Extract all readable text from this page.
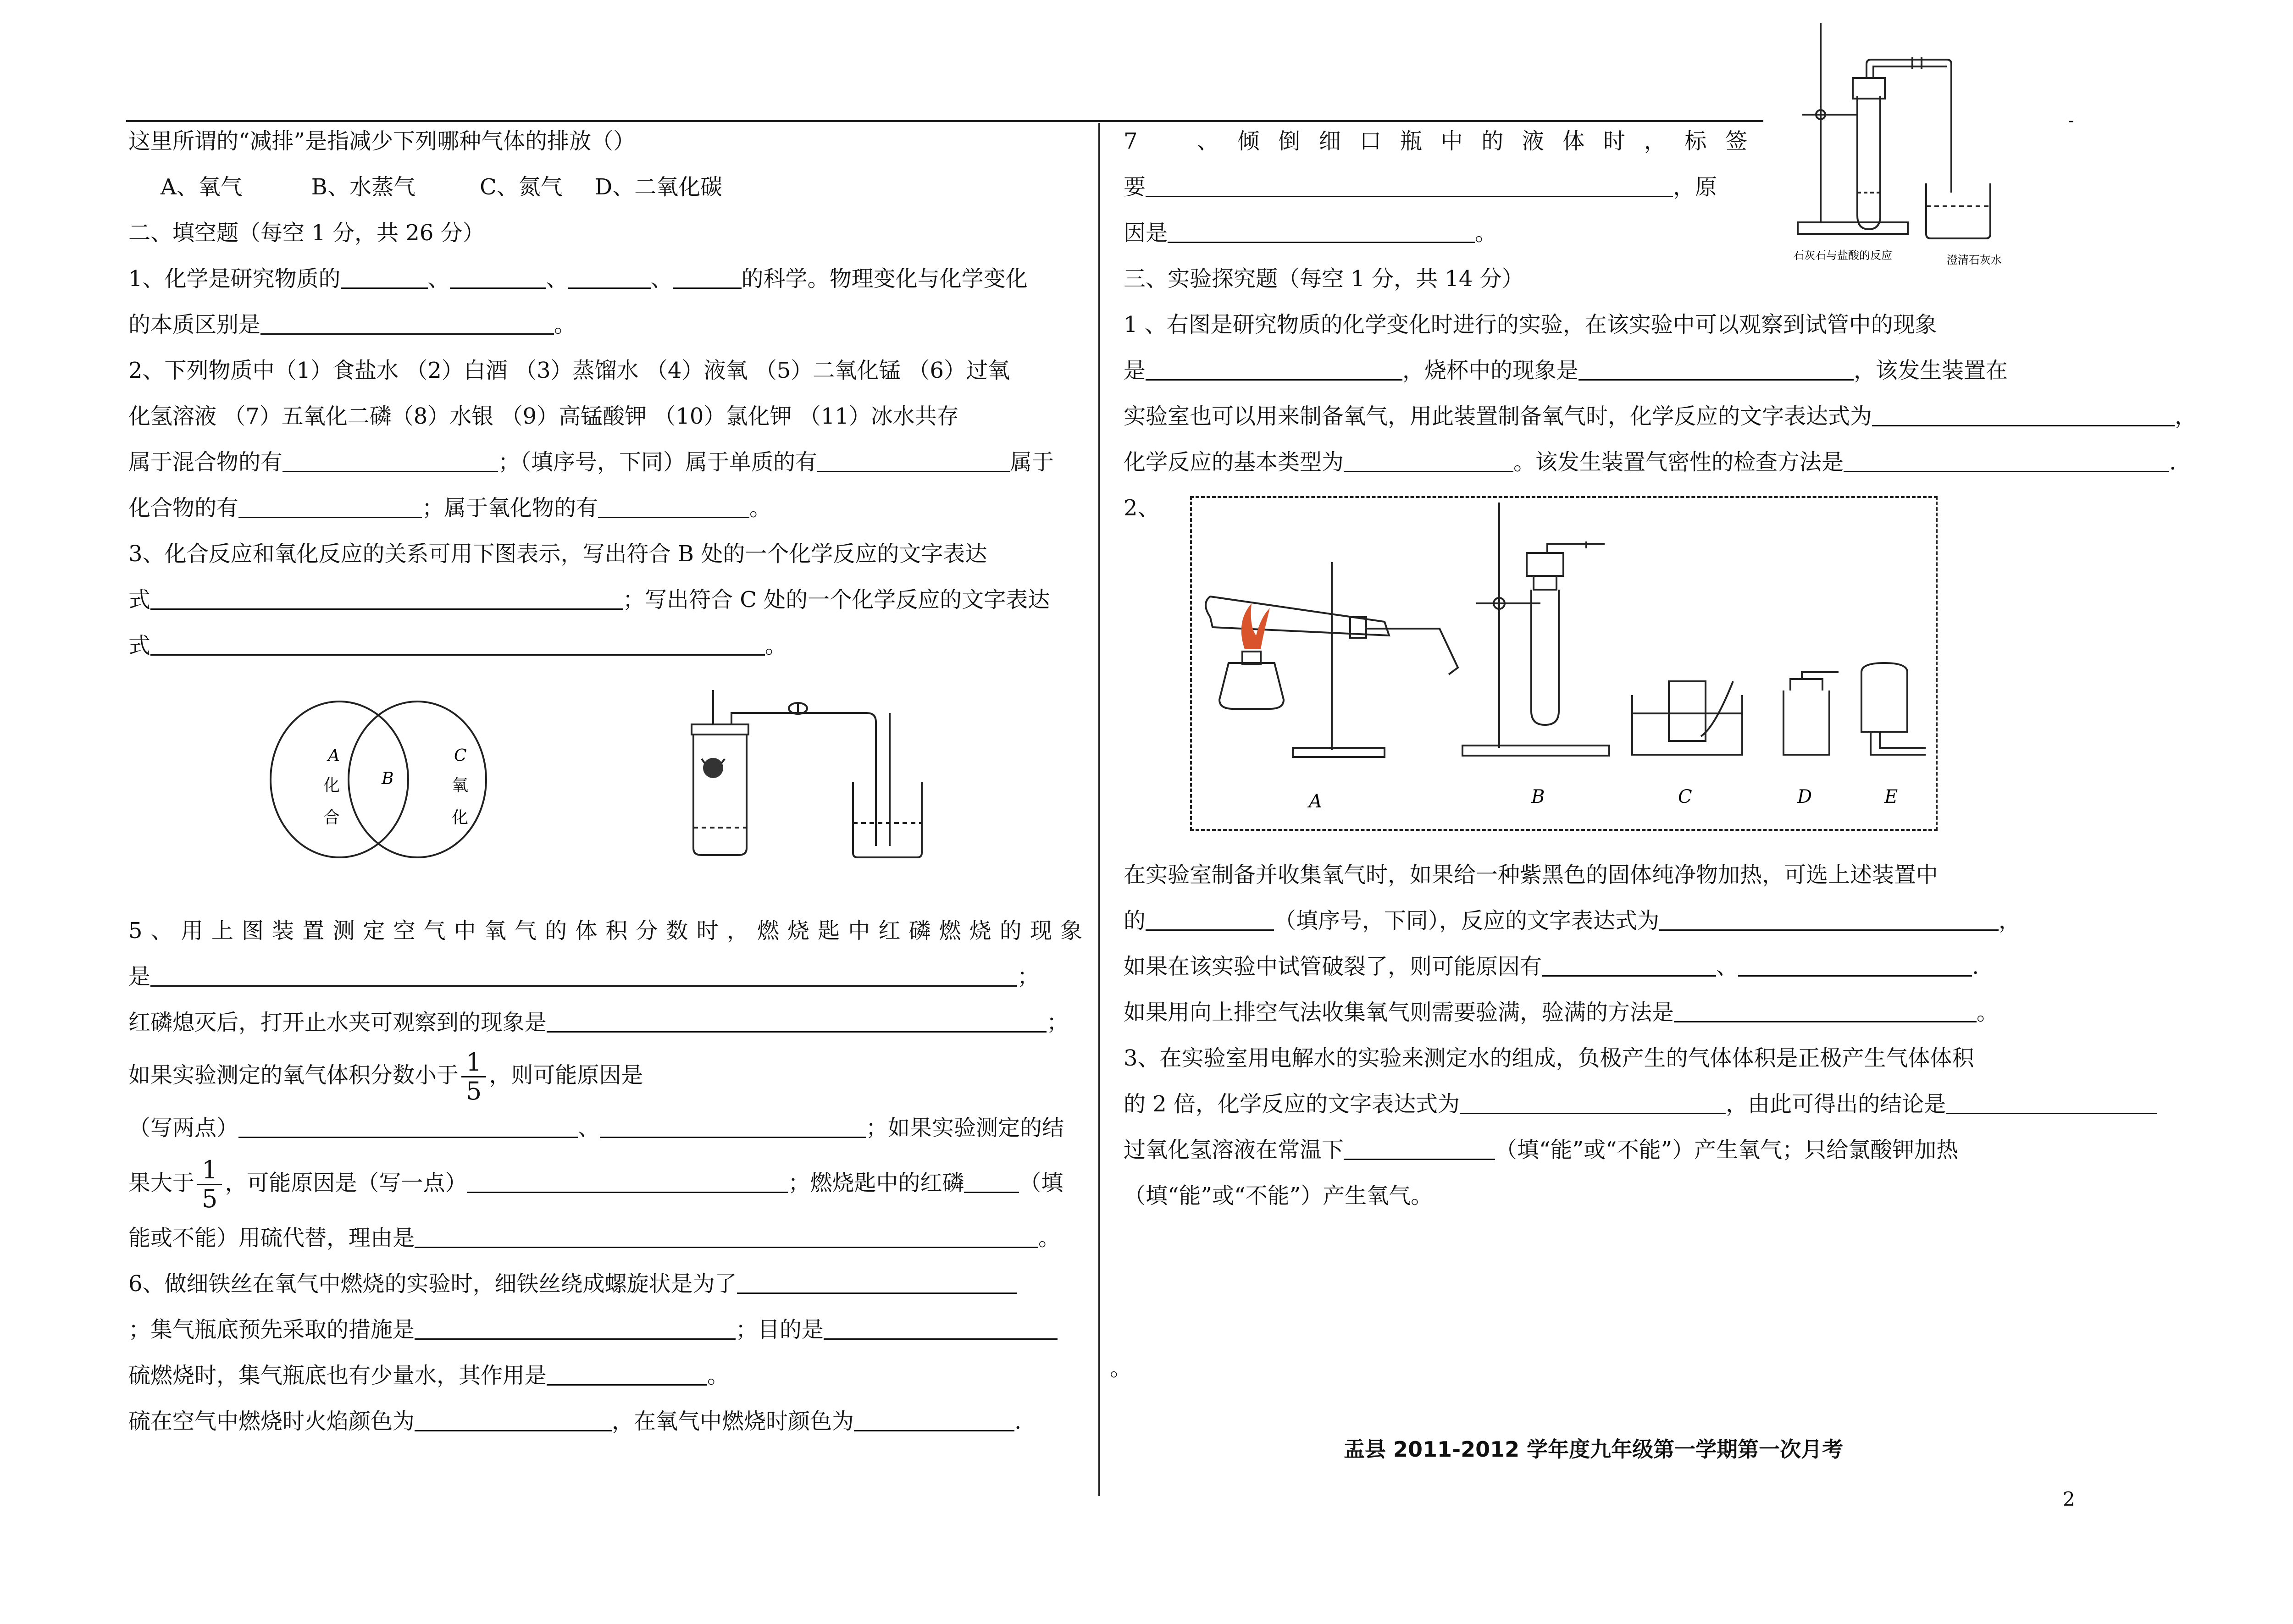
这里所谓的“减排”是指减少下列哪种气体的排放（）
A、氧气	B、水蒸气	C、氮气 D、二氧化碳
二、填空题（每空 1 分，共 26 分）
1、化学是研究物质的	、	、	、	的科学。物理变化与化学变化
的本质区别是	。
2、下列物质中（1）食盐水 （2）白酒 （3）蒸馏水 （4）液氧 （5）二氧化锰 （6）过氧
化氢溶液 （7）五氧化二磷（8）水银 （9）高锰酸钾 （10）氯化钾 （11）冰水共存
属于混合物的有	；（填序号，下同）属于单质的有	属于
化合物的有	；属于氧化物的有	。
3、化合反应和氧化反应的关系可用下图表示，写出符合 B 处的一个化学反应的文字表达
式	；写出符合 C 处的一个化学反应的文字表达
式	。
A
化
合
B
C
氧
化
5、用上图装置测定空气中氧气的体积分数时，燃烧匙中红磷燃烧的现象
是	；
红磷熄灭后，打开止水夹可观察到的现象是	；
如果实验测定的氧气体积分数小于 $\frac{1}{5}$ ，则可能原因是
（写两点）	、	；如果实验测定的结
果大于 $\frac{1}{5}$ ，可能原因是（写一点）	；燃烧匙中的红磷	（填
能或不能）用硫代替，理由是	。
6、做细铁丝在氧气中燃烧的实验时，细铁丝绕成螺旋状是为了
；集气瓶底预先采取的措施是	；目的是
硫燃烧时，集气瓶底也有少量水，其作用是	。
硫在空气中燃烧时火焰颜色为	，在氧气中燃烧时颜色为	.
石灰石与盐酸的反应	澄清石灰水
-
7　、倾倒细口瓶中的液体时，标签
要	，原
因是	。
三、实验探究题（每空 1 分，共 14 分）
1 、右图是研究物质的化学变化时进行的实验，在该实验中可以观察到试管中的现象
是	，烧杯中的现象是	，该发生装置在
实验室也可以用来制备氧气，用此装置制备氧气时，化学反应的文字表达式为	，
化学反应的基本类型为	。该发生装置气密性的检查方法是	.
2、
A	B	C	D	E
在实验室制备并收集氧气时，如果给一种紫黑色的固体纯净物加热，可选上述装置中
的	（填序号，下同），反应的文字表达式为	，
如果在该实验中试管破裂了，则可能原因有	、	.
如果用向上排空气法收集氧气则需要验满，验满的方法是	。
3、在实验室用电解水的实验来测定水的组成，负极产生的气体体积是正极产生气体体积
的 2 倍，化学反应的文字表达式为	，由此可得出的结论是
过氧化氢溶液在常温下	（填“能”或“不能”）产生氧气；只给氯酸钾加热
（填“能”或“不能”）产生氧气。
。
盂县 2011-2012 学年度九年级第一学期第一次月考
2
